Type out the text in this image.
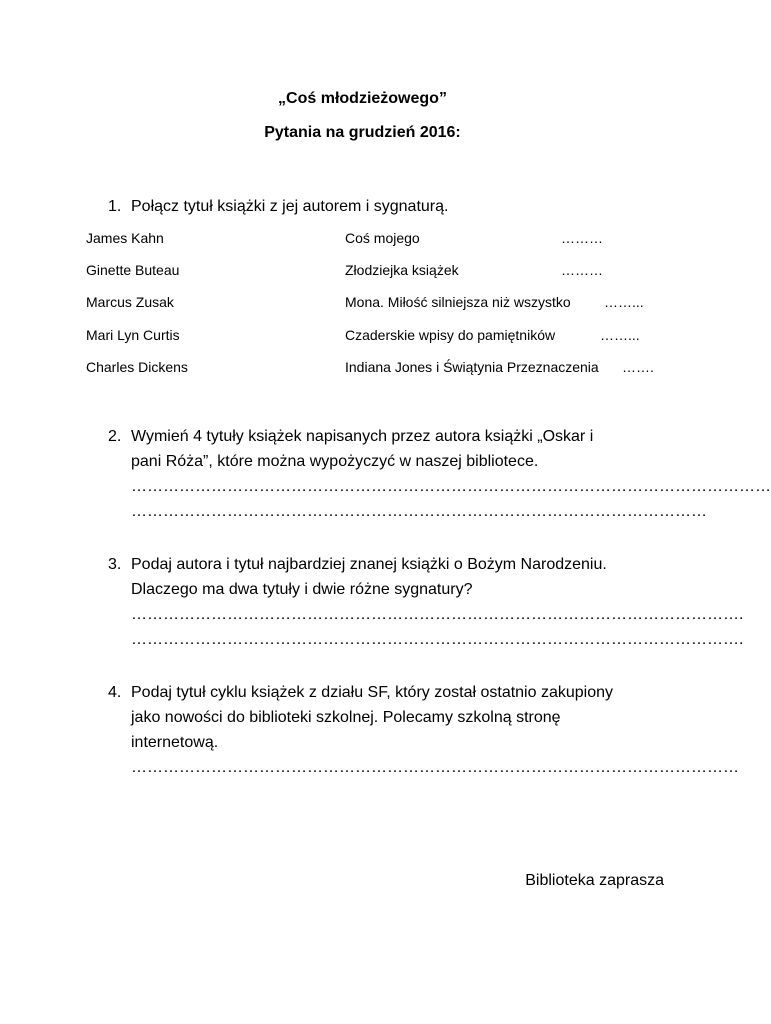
„Coś młodzieżowego”
Pytania na grudzień 2016:
1. Połącz tytuł książki z jej autorem i sygnaturą.
James Kahn	Coś mojego	………
Ginette Buteau	Złodziejka książek	………
Marcus Zusak	Mona. Miłość silniejsza niż wszystko ……...
Mari Lyn Curtis	Czaderskie wpisy do pamiętników	……...
Charles Dickens	Indiana Jones i Świątynia Przeznaczenia …….
2. Wymień 4 tytuły książek napisanych przez autora książki „Oskar i
pani Róża”, które można wypożyczyć w naszej bibliotece.
…………………………………………………………………………………………………………
………………………………………………………………………………………………
3. Podaj autora i tytuł najbardziej znanej książki o Bożym Narodzeniu.
Dlaczego ma dwa tytuły i dwie różne sygnatury?
…………………………………………………………………………………………………….
…………………………………………………………………………………………………….
4. Podaj tytuł cyklu książek z działu SF, który został ostatnio zakupiony
jako nowości do biblioteki szkolnej. Polecamy szkolną stronę
internetową.
……………………………………………………………………………………………………
Biblioteka zaprasza
